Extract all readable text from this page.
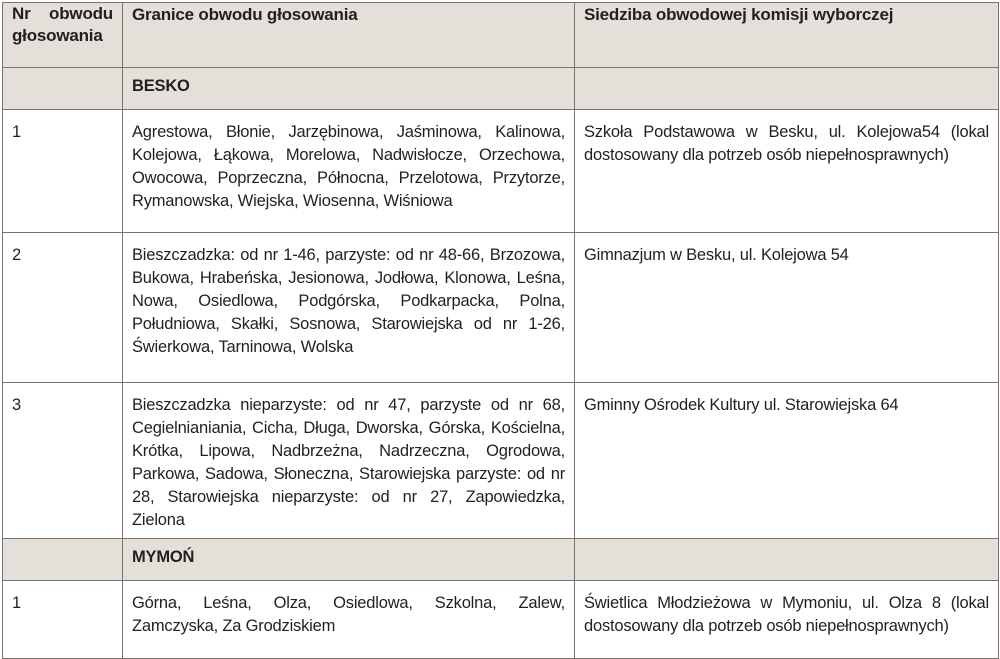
Nr obwodu
głosowania	Granice obwodu głosowania	Siedziba obwodowej komisji wyborczej
	BESKO	
1	Agrestowa, Błonie, Jarzębinowa, Jaśminowa, Kalinowa, Kolejowa, Łąkowa, Morelowa, Nadwisłocze, Orzechowa, Owocowa, Poprzeczna, Północna, Przelotowa, Przytorze, Rymanowska, Wiejska, Wiosenna, Wiśniowa	Szkoła Podstawowa w Besku, ul. Kolejowa54 (lokal dostosowany dla potrzeb osób niepełnosprawnych)
2	Bieszczadzka: od nr 1-46, parzyste: od nr 48-66, Brzozowa, Bukowa, Hrabeńska, Jesionowa, Jodłowa, Klonowa, Leśna, Nowa, Osiedlowa, Podgórska, Podkarpacka, Polna, Południowa, Skałki, Sosnowa, Starowiejska od nr 1-26, Świerkowa, Tarninowa, Wolska	Gimnazjum w Besku, ul. Kolejowa 54
3	Bieszczadzka nieparzyste: od nr 47, parzyste od nr 68, Cegielnianiania, Cicha, Długa, Dworska, Górska, Kościelna, Krótka, Lipowa, Nadbrzeżna, Nadrzeczna, Ogrodowa, Parkowa, Sadowa, Słoneczna, Starowiejska parzyste: od nr 28, Starowiejska nieparzyste: od nr 27, Zapowiedzka, Zielona	Gminny Ośrodek Kultury ul. Starowiejska 64
	MYMOŃ	
1	Górna, Leśna, Olza, Osiedlowa, Szkolna, Zalew, Zamczyska, Za Grodziskiem	Świetlica Młodzieżowa w Mymoniu, ul. Olza 8 (lokal dostosowany dla potrzeb osób niepełnosprawnych)
